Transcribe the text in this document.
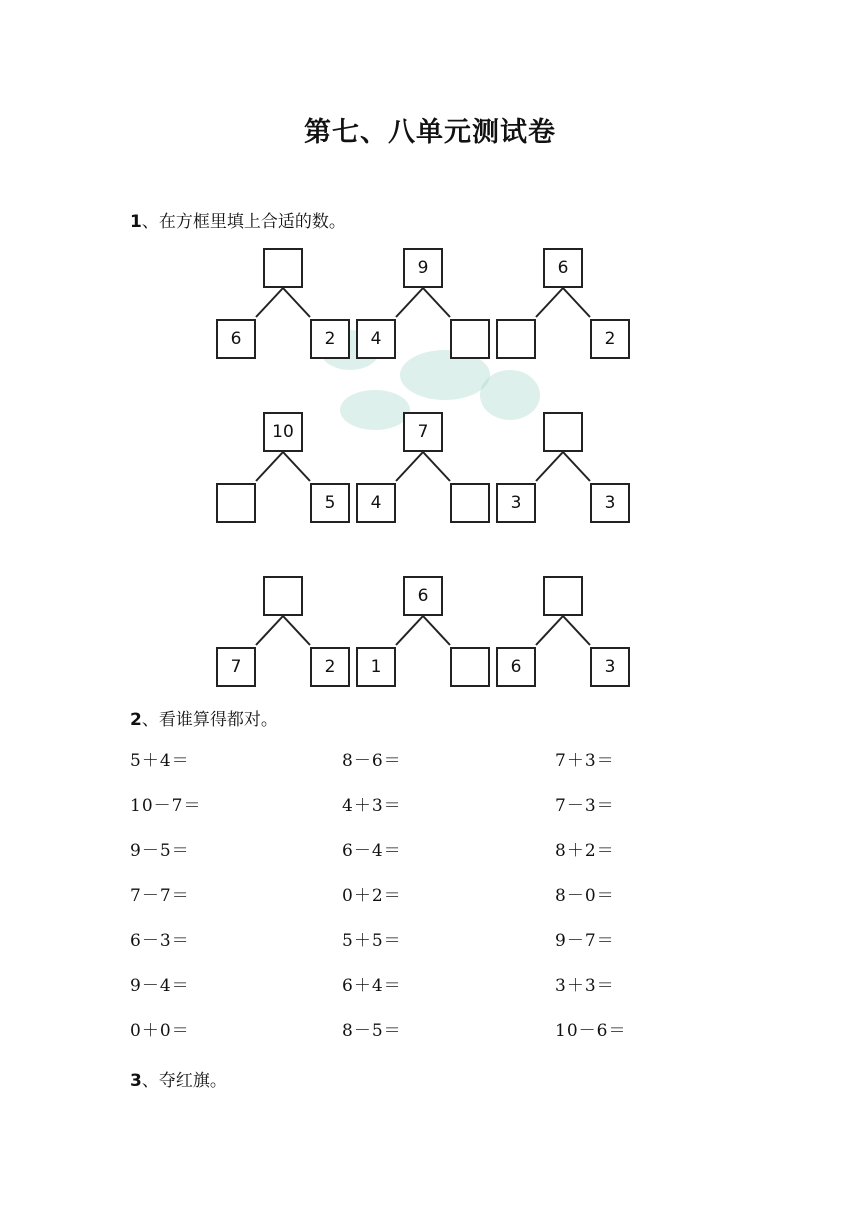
第七、八单元测试卷
1、在方框里填上合适的数。
6	2
9
4
6
2
10
5
7
4	3	3
7	2
6
1	6	3
2、看谁算得都对。
5＋4＝	8－6＝	7＋3＝
10－7＝	4＋3＝	7－3＝
9－5＝	6－4＝	8＋2＝
7－7＝	0＋2＝	8－0＝
6－3＝	5＋5＝	9－7＝
9－4＝	6＋4＝	3＋3＝
0＋0＝	8－5＝	10－6＝
3、夺红旗。
